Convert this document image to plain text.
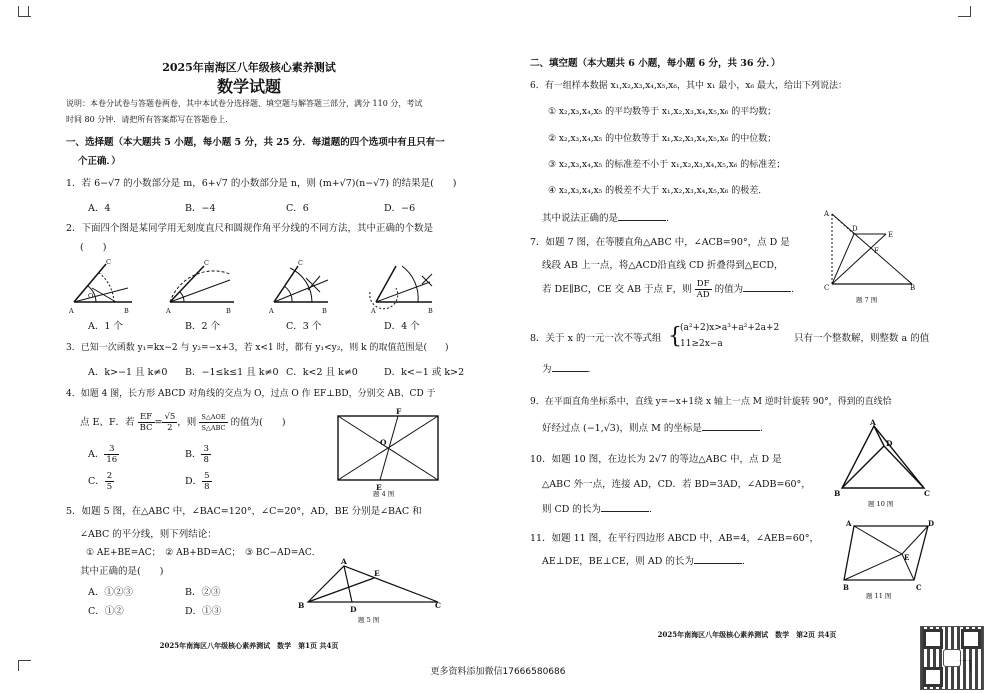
2025年南海区八年级核心素养测试
数学试题
说明：本卷分试卷与答题卷两卷，其中本试卷分选择题、填空题与解答题三部分，满分 110 分，考试
时间 80 分钟．请把所有答案都写在答题卷上．
一、选择题（本大题共 5 小题，每小题 5 分，共 25 分．每道题的四个选项中有且只有一
个正确．）
1．若 6−√7 的小数部分是 m，6+√7 的小数部分是 n，则 (m+√7)(n−√7) 的结果是(　　)
A．4	B．−4	C．6	D．−6
2．下面四个图是某同学用无刻度直尺和圆规作角平分线的不同方法，其中正确的个数是
(　　)
A
O
B
C
A	B
C
A	B
C
A	B
A．1 个	B．2 个	C．3 个	D．4 个
3．已知一次函数 y₁=kx−2 与 y₂=−x+3，若 x<1 时，都有 y₁<y₂，则 k 的取值范围是(　　)
A．k>−1 且 k≠0 B．−1≤k≤1 且 k≠0 C．k<2 且 k≠0	D．k<−1 或 k>2
4．如题 4 图，长方形 ABCD 对角线的交点为 O，过点 O 作 EF⊥BD，分别交 AB、CD 于
点 E、F．若 $\frac{EF}{BC} = \frac{√5}{2}$ ，则 $\frac{\text{S△AOE}}{\text{S△ABC}}$ 的值为(　　)
A． $\frac{3}{16}$	B． $\frac{3}{8}$
C． $\frac{2}{5}$	D． $\frac{5}{8}$	E
F
O
题 4 图
5．如题 5 图，在△ABC 中，∠BAC=120°，∠C=20°，AD，BE 分别是∠BAC 和
∠ABC 的平分线，则下列结论：
① AE+BE=AC；　② AB+BD=AC；　③ BC−AD=AC．
其中正确的是(　　)
A．①②③	B．②③
C．①②	D．①③
A
E
B	D	C
题 5 图
2025年南海区八年级核心素养测试　数学　第1页 共4页
二、填空题（本大题共 6 小题，每小题 6 分，共 36 分．）
6．有一组样本数据 x₁,x₂,x₃,x₄,x₅,x₆，其中 x₁ 最小，x₆ 最大，给出下列说法：
① x₂,x₃,x₄,x₅ 的平均数等于 x₁,x₂,x₃,x₄,x₅,x₆ 的平均数；
② x₂,x₃,x₄,x₅ 的中位数等于 x₁,x₂,x₃,x₄,x₅,x₆ 的中位数；
③ x₂,x₃,x₄,x₅ 的标准差不小于 x₁,x₂,x₃,x₄,x₅,x₆ 的标准差；
④ x₂,x₃,x₄,x₅ 的极差不大于 x₁,x₂,x₃,x₄,x₅,x₆ 的极差．
其中说法正确的是	.
7．如题 7 图，在等腰直角△ABC 中，∠ACB=90°，点 D 是
线段 AB 上一点，将△ACD沿直线 CD 折叠得到△ECD，
若 DE∥BC，CE 交 AB 于点 F，则 $\frac{DF}{AD}$ 的值为	.
A
D
E
F
C	B
题 7 图
8．关于 x 的一元一次不等式组 {
(a²+2)x>a³+a²+2a+2
11≥2x−a	只有一个整数解，则整数 a 的值
为	.
9．在平面直角坐标系中，直线 y=−x+1绕 x 轴上一点 M 逆时针旋转 90°，得到的直线恰
好经过点 (−1,√3)，则点 M 的坐标是	.
10．如题 10 图，在边长为 2√7 的等边△ABC 中，点 D 是
△ABC 外一点，连接 AD，CD．若 BD=3AD，∠ADB=60°，
则 CD 的长为	.
A
D
B	C
题 10 图
11．如题 11 图，在平行四边形 ABCD 中，AB=4，∠AEB=60°，
AE⊥DE，BE⊥CE，则 AD 的长为	.
A	D
E
B	C
题 11 图
2025年南海区八年级核心素养测试　数学　第2页 共4页
更多资料添加微信17666580686
